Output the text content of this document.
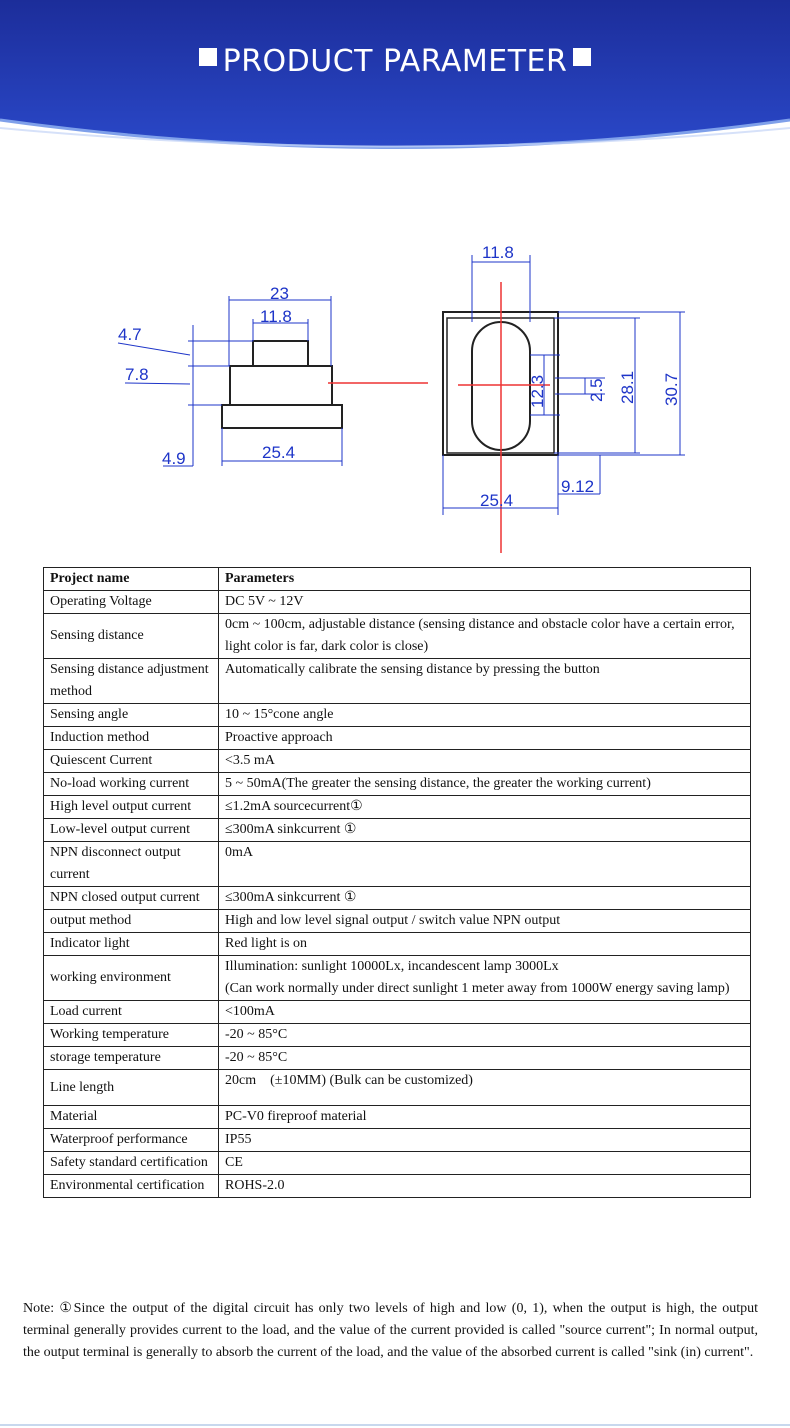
PRODUCT PARAMETER
23
11.8
4.7
7.8
4.9	25.4
11.8
25.4
9.12
12.3 2.5 28.1 30.7
Project name	Parameters
Operating Voltage	DC 5V ~ 12V
Sensing distance	0cm ~ 100cm, adjustable distance (sensing distance and obstacle color have a certain error, light color is far, dark color is close)
Sensing distance adjustment method	Automatically calibrate the sensing distance by pressing the button
Sensing angle	10 ~ 15°cone angle
Induction method	Proactive approach
Quiescent Current	<3.5 mA
No-load working current	5 ~ 50mA(The greater the sensing distance, the greater the working current)
High level output current	≤1.2mA sourcecurrent①
Low-level output current	≤300mA sinkcurrent ①
NPN disconnect output current	0mA
NPN closed output current	≤300mA sinkcurrent ①
output method	High and low level signal output / switch value NPN output
Indicator light	Red light is on
working environment	Illumination: sunlight 10000Lx, incandescent lamp 3000Lx
(Can work normally under direct sunlight 1 meter away from 1000W energy saving lamp)

Load current	<100mA
Working temperature	-20 ~ 85°C
storage temperature	-20 ~ 85°C
Line length	20cm　(±10MM) (Bulk can be customized)
Material	PC-V0 fireproof material
Waterproof performance	IP55
Safety standard certification	CE
Environmental certification	ROHS-2.0
Note: ①Since the output of the digital circuit has only two levels of high and low (0, 1), when the output is high, the output terminal generally provides current to the load, and the value of the current provided is called "source current"; In normal output, the output terminal is generally to absorb the current of the load, and the value of the absorbed current is called "sink (in) current".
